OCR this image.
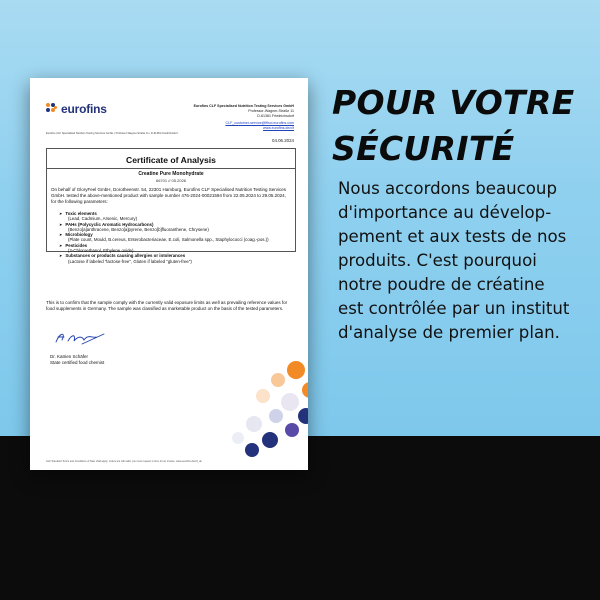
eurofins	Eurofins CLF Specialised Nutrition Testing Services GmbH
Professor-Wagner-Straße 11
D-61381 Friedrichsdorf
CLF_customer-service@fflsci.eurofins.com
www.eurofins.de/clf
Eurofins CLF Specialised Nutrition Testing Services GmbH • Professor-Wagner-Straße 11 • D-61381 Friedrichsdorf
04.06.2024
Certificate of Analysis
Creatine Pure Monohydrate
66701 // 05.2026
On behalf of GloryFeel GmbH, Dorotheenstr. 54, 22301 Hamburg, Eurofins CLF Specialised Nutrition Testing Services GmbH. tested the above-mentioned product with sample number 476-2024-00021594 from 22.05.2024 to 29.05.2024, for the following parameters:
➤ Toxic elements
(Lead, Cadmium, Arsenic, Mercury)
➤ PAHs (Polycyclic Aromatic Hydrocarbons)
(Benzo[a]anthracene, Benzo[a]pyrene, Benzo[b]fluoranthene, Chrysene)
➤ Microbiology
(Plate count, Mould, B.cereus, Enterobacteriaceae, E.coli, Salmonella spp., Staphylococci (coag.-pos.))
➤ Pesticides
(2-Chloroethanol, Ethylene oxide)
➤ Substances or products causing allergies or intolerances
(Lactose if labeled "lactose-free", Gluten if labeled "gluten-free")
This is to confirm that the sample comply with the currently valid exposure limits as well as prevailing reference values for food supplements in Germany. The sample was classified as marketable product on the basis of the tested parameters.
Dr. Katrien Schäfer
State certified food chemist
GLF Standard Terms and Conditions of Sale shall apply; orders are still valid; you must request in time for an invoice. www.eurofins.de/clf_de
POUR VOTRE
SÉCURITÉ
Nous accordons beaucoup
d'importance au dévelop-
pement et aux tests de nos
produits. C'est pourquoi
notre poudre de créatine
est contrôlée par un institut
d'analyse de premier plan.
